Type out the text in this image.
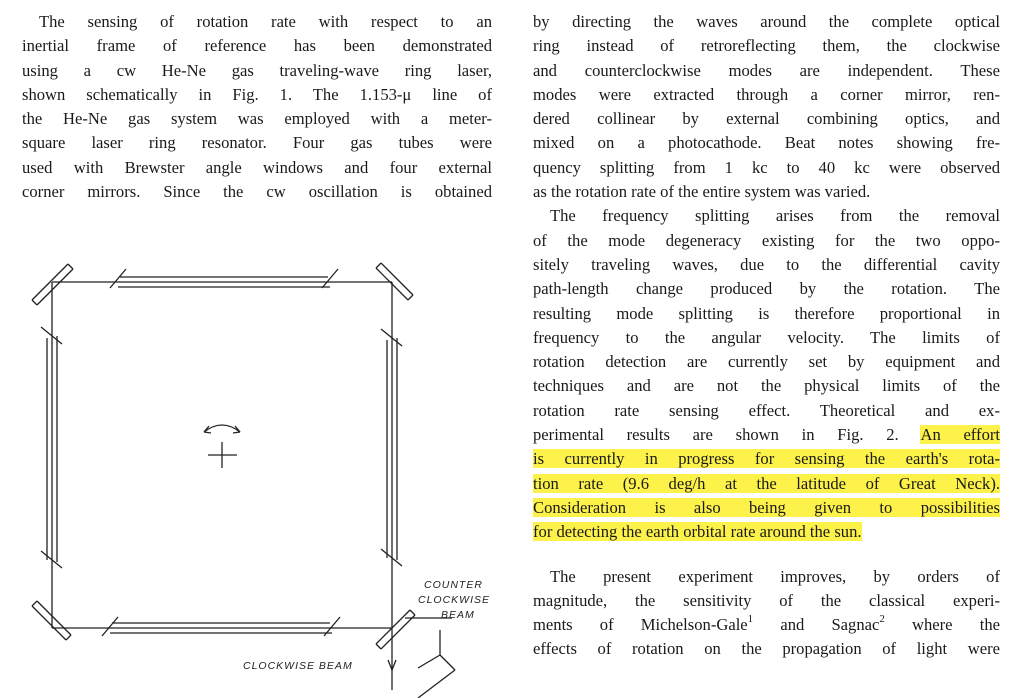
The sensing of rotation rate with respect to an
inertial frame of reference has been demonstrated
using a cw He-Ne gas traveling-wave ring laser,
shown schematically in Fig. 1. The 1.153-μ line of
the He-Ne gas system was employed with a meter-
square laser ring resonator. Four gas tubes were
used with Brewster angle windows and four external
corner mirrors. Since the cw oscillation is obtained
COUNTER
CLOCKWISE
BEAM
CLOCKWISE BEAM
by directing the waves around the complete optical
ring instead of retroreflecting them, the clockwise
and counterclockwise modes are independent. These
modes were extracted through a corner mirror, ren-
dered collinear by external combining optics, and
mixed on a photocathode. Beat notes showing fre-
quency splitting from 1 kc to 40 kc were observed
as the rotation rate of the entire system was varied.
The frequency splitting arises from the removal
of the mode degeneracy existing for the two oppo-
sitely traveling waves, due to the differential cavity
path-length change produced by the rotation. The
resulting mode splitting is therefore proportional in
frequency to the angular velocity. The limits of
rotation detection are currently set by equipment and
techniques and are not the physical limits of the
rotation rate sensing effect. Theoretical and ex-
perimental results are shown in Fig. 2. An effort
is currently in progress for sensing the earth's rota-
tion rate (9.6 deg/h at the latitude of Great Neck).
Consideration is also being given to possibilities
for detecting the earth orbital rate around the sun.
The present experiment improves, by orders of
magnitude, the sensitivity of the classical experi-
ments of Michelson-Gale$^1$ and Sagnac$^2$ where the
effects of rotation on the propagation of light were
